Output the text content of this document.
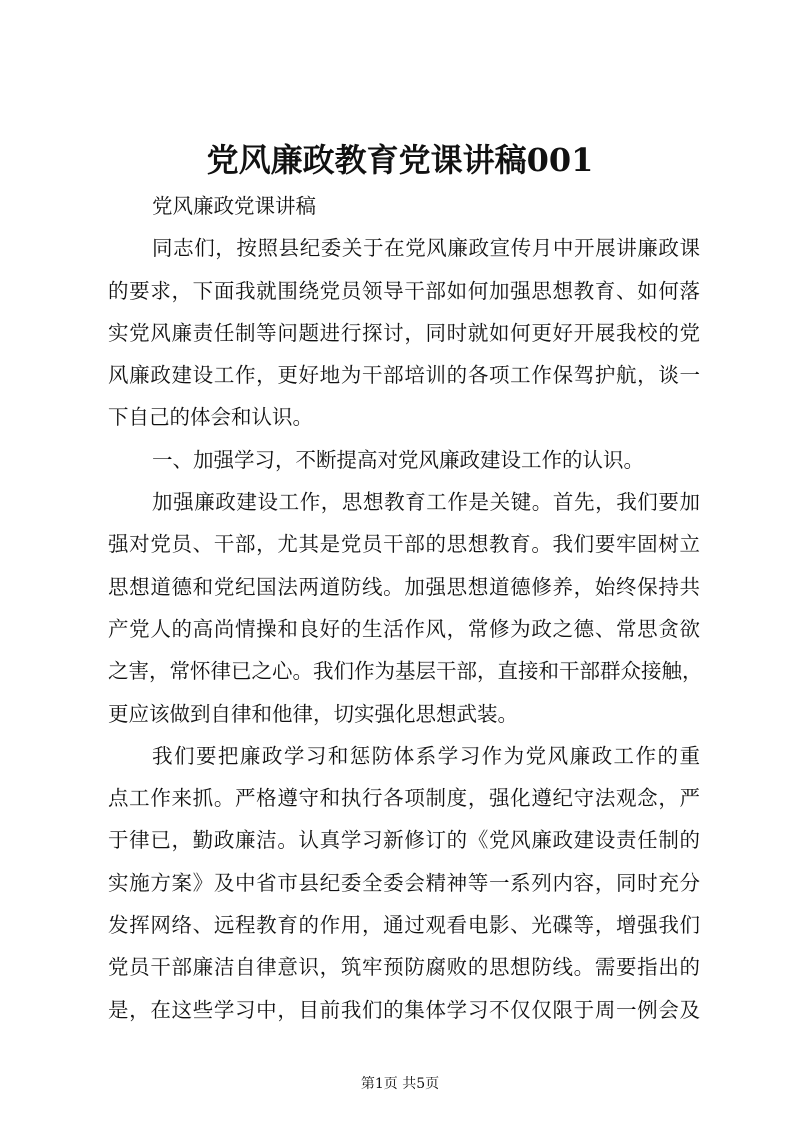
党风廉政教育党课讲稿001
党风廉政党课讲稿
同志们，按照县纪委关于在党风廉政宣传月中开展讲廉政课
的要求，下面我就围绕党员领导干部如何加强思想教育、如何落
实党风廉责任制等问题进行探讨，同时就如何更好开展我校的党
风廉政建设工作，更好地为干部培训的各项工作保驾护航，谈一
下自己的体会和认识。
一、加强学习，不断提高对党风廉政建设工作的认识。
加强廉政建设工作，思想教育工作是关键。首先，我们要加
强对党员、干部，尤其是党员干部的思想教育。我们要牢固树立
思想道德和党纪国法两道防线。加强思想道德修养，始终保持共
产党人的高尚情操和良好的生活作风，常修为政之德、常思贪欲
之害，常怀律已之心。我们作为基层干部，直接和干部群众接触，
更应该做到自律和他律，切实强化思想武装。
我们要把廉政学习和惩防体系学习作为党风廉政工作的重
点工作来抓。严格遵守和执行各项制度，强化遵纪守法观念，严
于律已，勤政廉洁。认真学习新修订的《党风廉政建设责任制的
实施方案》及中省市县纪委全委会精神等一系列内容，同时充分
发挥网络、远程教育的作用，通过观看电影、光碟等，增强我们
党员干部廉洁自律意识，筑牢预防腐败的思想防线。需要指出的
是，在这些学习中，目前我们的集体学习不仅仅限于周一例会及
第1页 共5页
